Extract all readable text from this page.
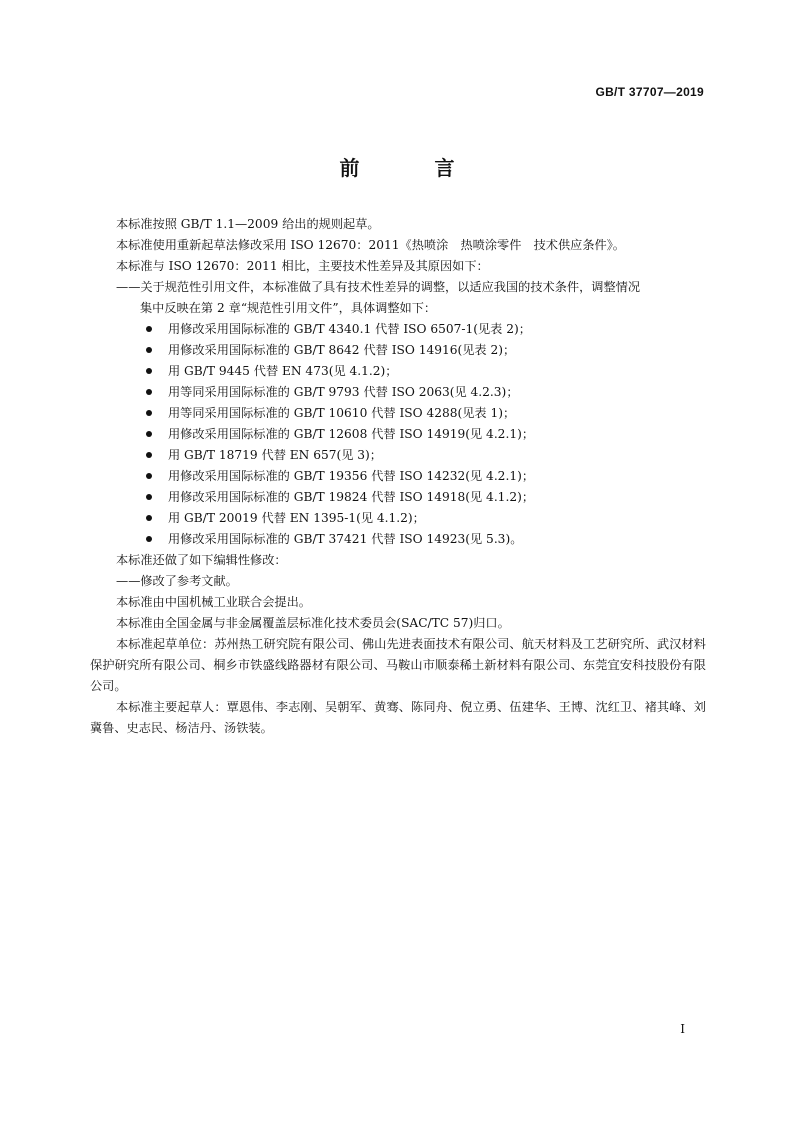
GB/T 37707—2019
前 言

本标准按照 GB/T 1.1—2009 给出的规则起草。

本标准使用重新起草法修改采用 ISO 12670：2011《热喷涂　热喷涂零件　技术供应条件》。

本标准与 ISO 12670：2011 相比，主要技术性差异及其原因如下：

——关于规范性引用文件，本标准做了具有技术性差异的调整，以适应我国的技术条件，调整情况
集中反映在第 2 章“规范性引用文件”，具体调整如下：
用修改采用国际标准的 GB/T 4340.1 代替 ISO 6507-1(见表 2)；
用修改采用国际标准的 GB/T 8642 代替 ISO 14916(见表 2)；
用 GB/T 9445 代替 EN 473(见 4.1.2)；
用等同采用国际标准的 GB/T 9793 代替 ISO 2063(见 4.2.3)；
用等同采用国际标准的 GB/T 10610 代替 ISO 4288(见表 1)；
用修改采用国际标准的 GB/T 12608 代替 ISO 14919(见 4.2.1)；
用 GB/T 18719 代替 EN 657(见 3)；
用修改采用国际标准的 GB/T 19356 代替 ISO 14232(见 4.2.1)；
用修改采用国际标准的 GB/T 19824 代替 ISO 14918(见 4.1.2)；
用 GB/T 20019 代替 EN 1395-1(见 4.1.2)；
用修改采用国际标准的 GB/T 37421 代替 ISO 14923(见 5.3)。

本标准还做了如下编辑性修改：

——修改了参考文献。

本标准由中国机械工业联合会提出。

本标准由全国金属与非金属覆盖层标准化技术委员会(SAC/TC 57)归口。

本标准起草单位：苏州热工研究院有限公司、佛山先进表面技术有限公司、航天材料及工艺研究所、武汉材料保护研究所有限公司、桐乡市铁盛线路器材有限公司、马鞍山市顺泰稀土新材料有限公司、东莞宜安科技股份有限公司。

本标准主要起草人：覃恩伟、李志刚、吴朝军、黄骞、陈同舟、倪立勇、伍建华、王博、沈红卫、褚其峰、刘冀鲁、史志民、杨洁丹、汤铁装。

I
